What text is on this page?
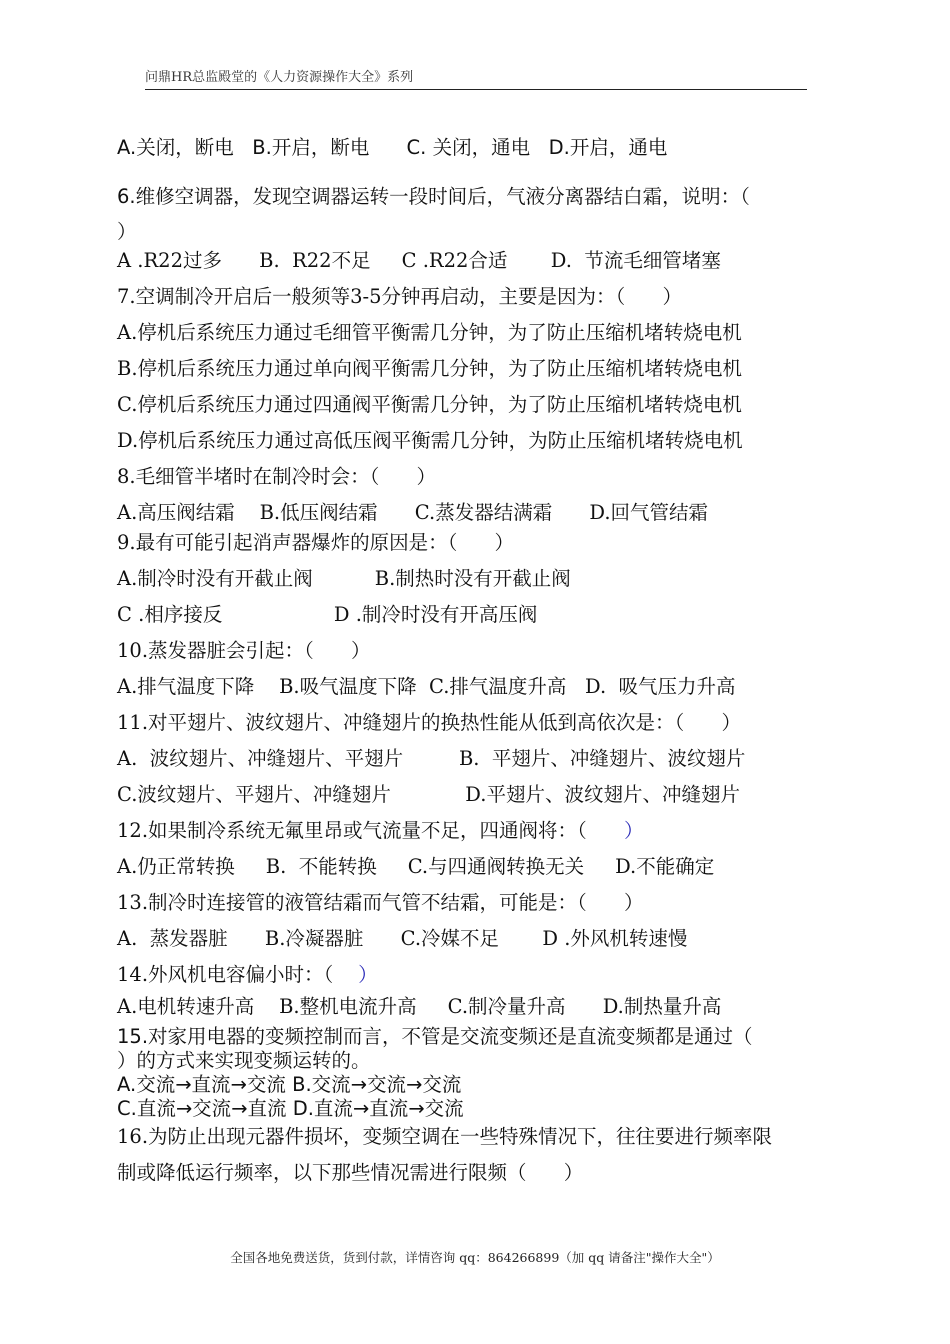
问鼎HR总监殿堂的《人力资源操作大全》系列
A.关闭，断电   B.开启，断电      C. 关闭，通电   D.开启，通电
6.维修空调器，发现空调器运转一段时间后，气液分离器结白霜，说明：（
）
A .R22过多      B.  R22不足     C .R22合适       D.  节流毛细管堵塞
7.空调制冷开启后一般须等3-5分钟再启动，主要是因为：（      ）
A.停机后系统压力通过毛细管平衡需几分钟，为了防止压缩机堵转烧电机
B.停机后系统压力通过单向阀平衡需几分钟，为了防止压缩机堵转烧电机
C.停机后系统压力通过四通阀平衡需几分钟，为了防止压缩机堵转烧电机
D.停机后系统压力通过高低压阀平衡需几分钟，为防止压缩机堵转烧电机
8.毛细管半堵时在制冷时会：（      ）
A.高压阀结霜    B.低压阀结霜      C.蒸发器结满霜      D.回气管结霜
9.最有可能引起消声器爆炸的原因是：（      ）
A.制冷时没有开截止阀          B.制热时没有开截止阀
C .相序接反                  D .制冷时没有开高压阀
10.蒸发器脏会引起：（      ）
A.排气温度下降    B.吸气温度下降  C.排气温度升高   D.  吸气压力升高
11.对平翅片、波纹翅片、冲缝翅片的换热性能从低到高依次是：（      ）
A.  波纹翅片、冲缝翅片、平翅片         B.  平翅片、冲缝翅片、波纹翅片
C.波纹翅片、平翅片、冲缝翅片            D.平翅片、波纹翅片、冲缝翅片
12.如果制冷系统无氟里昂或气流量不足，四通阀将：（ ）
A.仍正常转换     B.  不能转换     C.与四通阀转换无关     D.不能确定
13.制冷时连接管的液管结霜而气管不结霜，可能是：（      ）
A.  蒸发器脏      B.冷凝器脏      C.冷媒不足       D .外风机转速慢
14.外风机电容偏小时：（ ）
A.电机转速升高    B.整机电流升高     C.制冷量升高      D.制热量升高
15.对家用电器的变频控制而言，不管是交流变频还是直流变频都是通过（
）的方式来实现变频运转的。
A.交流→直流→交流 B.交流→交流→交流
C.直流→交流→直流 D.直流→直流→交流
16.为防止出现元器件损坏，变频空调在一些特殊情况下，往往要进行频率限
制或降低运行频率，以下那些情况需进行限频（      ）
全国各地免费送货，货到付款，详情咨询 qq：864266899（加 qq 请备注"操作大全"）
